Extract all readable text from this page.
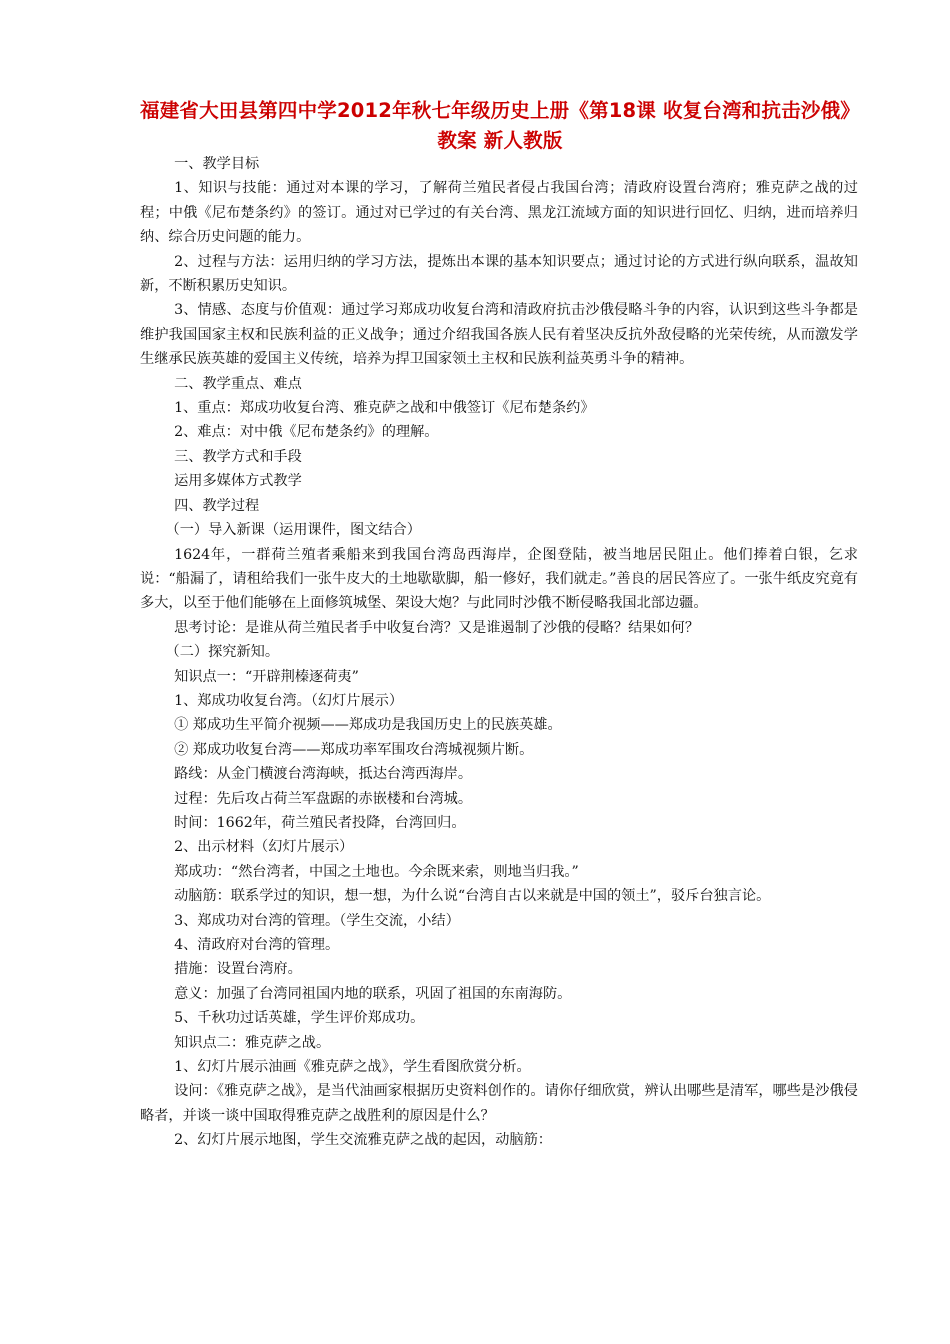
福建省大田县第四中学2012年秋七年级历史上册《第18课 收复台湾和抗击沙俄》教案 新人教版

一、教学目标

1、知识与技能：通过对本课的学习，了解荷兰殖民者侵占我国台湾；清政府设置台湾府；雅克萨之战的过程；中俄《尼布楚条约》的签订。通过对已学过的有关台湾、黑龙江流域方面的知识进行回忆、归纳，进而培养归纳、综合历史问题的能力。

2、过程与方法：运用归纳的学习方法，提炼出本课的基本知识要点；通过讨论的方式进行纵向联系，温故知新，不断积累历史知识。

3、情感、态度与价值观：通过学习郑成功收复台湾和清政府抗击沙俄侵略斗争的内容，认识到这些斗争都是维护我国国家主权和民族利益的正义战争；通过介绍我国各族人民有着坚决反抗外敌侵略的光荣传统，从而激发学生继承民族英雄的爱国主义传统，培养为捍卫国家领土主权和民族利益英勇斗争的精神。

二、教学重点、难点

1、重点：郑成功收复台湾、雅克萨之战和中俄签订《尼布楚条约》

2、难点：对中俄《尼布楚条约》的理解。

三、教学方式和手段

运用多媒体方式教学

四、教学过程

（一）导入新课（运用课件，图文结合）

1624年，一群荷兰殖者乘船来到我国台湾岛西海岸，企图登陆，被当地居民阻止。他们捧着白银，乞求说：“船漏了，请租给我们一张牛皮大的土地歇歇脚，船一修好，我们就走。”善良的居民答应了。一张牛纸皮究竟有多大，以至于他们能够在上面修筑城堡、架设大炮？与此同时沙俄不断侵略我国北部边疆。

思考讨论：是谁从荷兰殖民者手中收复台湾？又是谁遏制了沙俄的侵略？结果如何？

（二）探究新知。

知识点一：“开辟荆榛逐荷夷”

1、郑成功收复台湾。（幻灯片展示）

① 郑成功生平简介视频——郑成功是我国历史上的民族英雄。

② 郑成功收复台湾——郑成功率军围攻台湾城视频片断。

路线：从金门横渡台湾海峡，抵达台湾西海岸。

过程：先后攻占荷兰军盘踞的赤嵌楼和台湾城。

时间：1662年，荷兰殖民者投降，台湾回归。

2、出示材料（幻灯片展示）

郑成功：“然台湾者，中国之土地也。今余既来索，则地当归我。”

动脑筋：联系学过的知识，想一想，为什么说“台湾自古以来就是中国的领土”，驳斥台独言论。

3、郑成功对台湾的管理。（学生交流，小结）

4、清政府对台湾的管理。

措施：设置台湾府。

意义：加强了台湾同祖国内地的联系，巩固了祖国的东南海防。

5、千秋功过话英雄，学生评价郑成功。

知识点二：雅克萨之战。

1、幻灯片展示油画《雅克萨之战》，学生看图欣赏分析。

设问：《雅克萨之战》，是当代油画家根据历史资料创作的。请你仔细欣赏，辨认出哪些是清军，哪些是沙俄侵略者，并谈一谈中国取得雅克萨之战胜利的原因是什么？

2、幻灯片展示地图，学生交流雅克萨之战的起因，动脑筋：
